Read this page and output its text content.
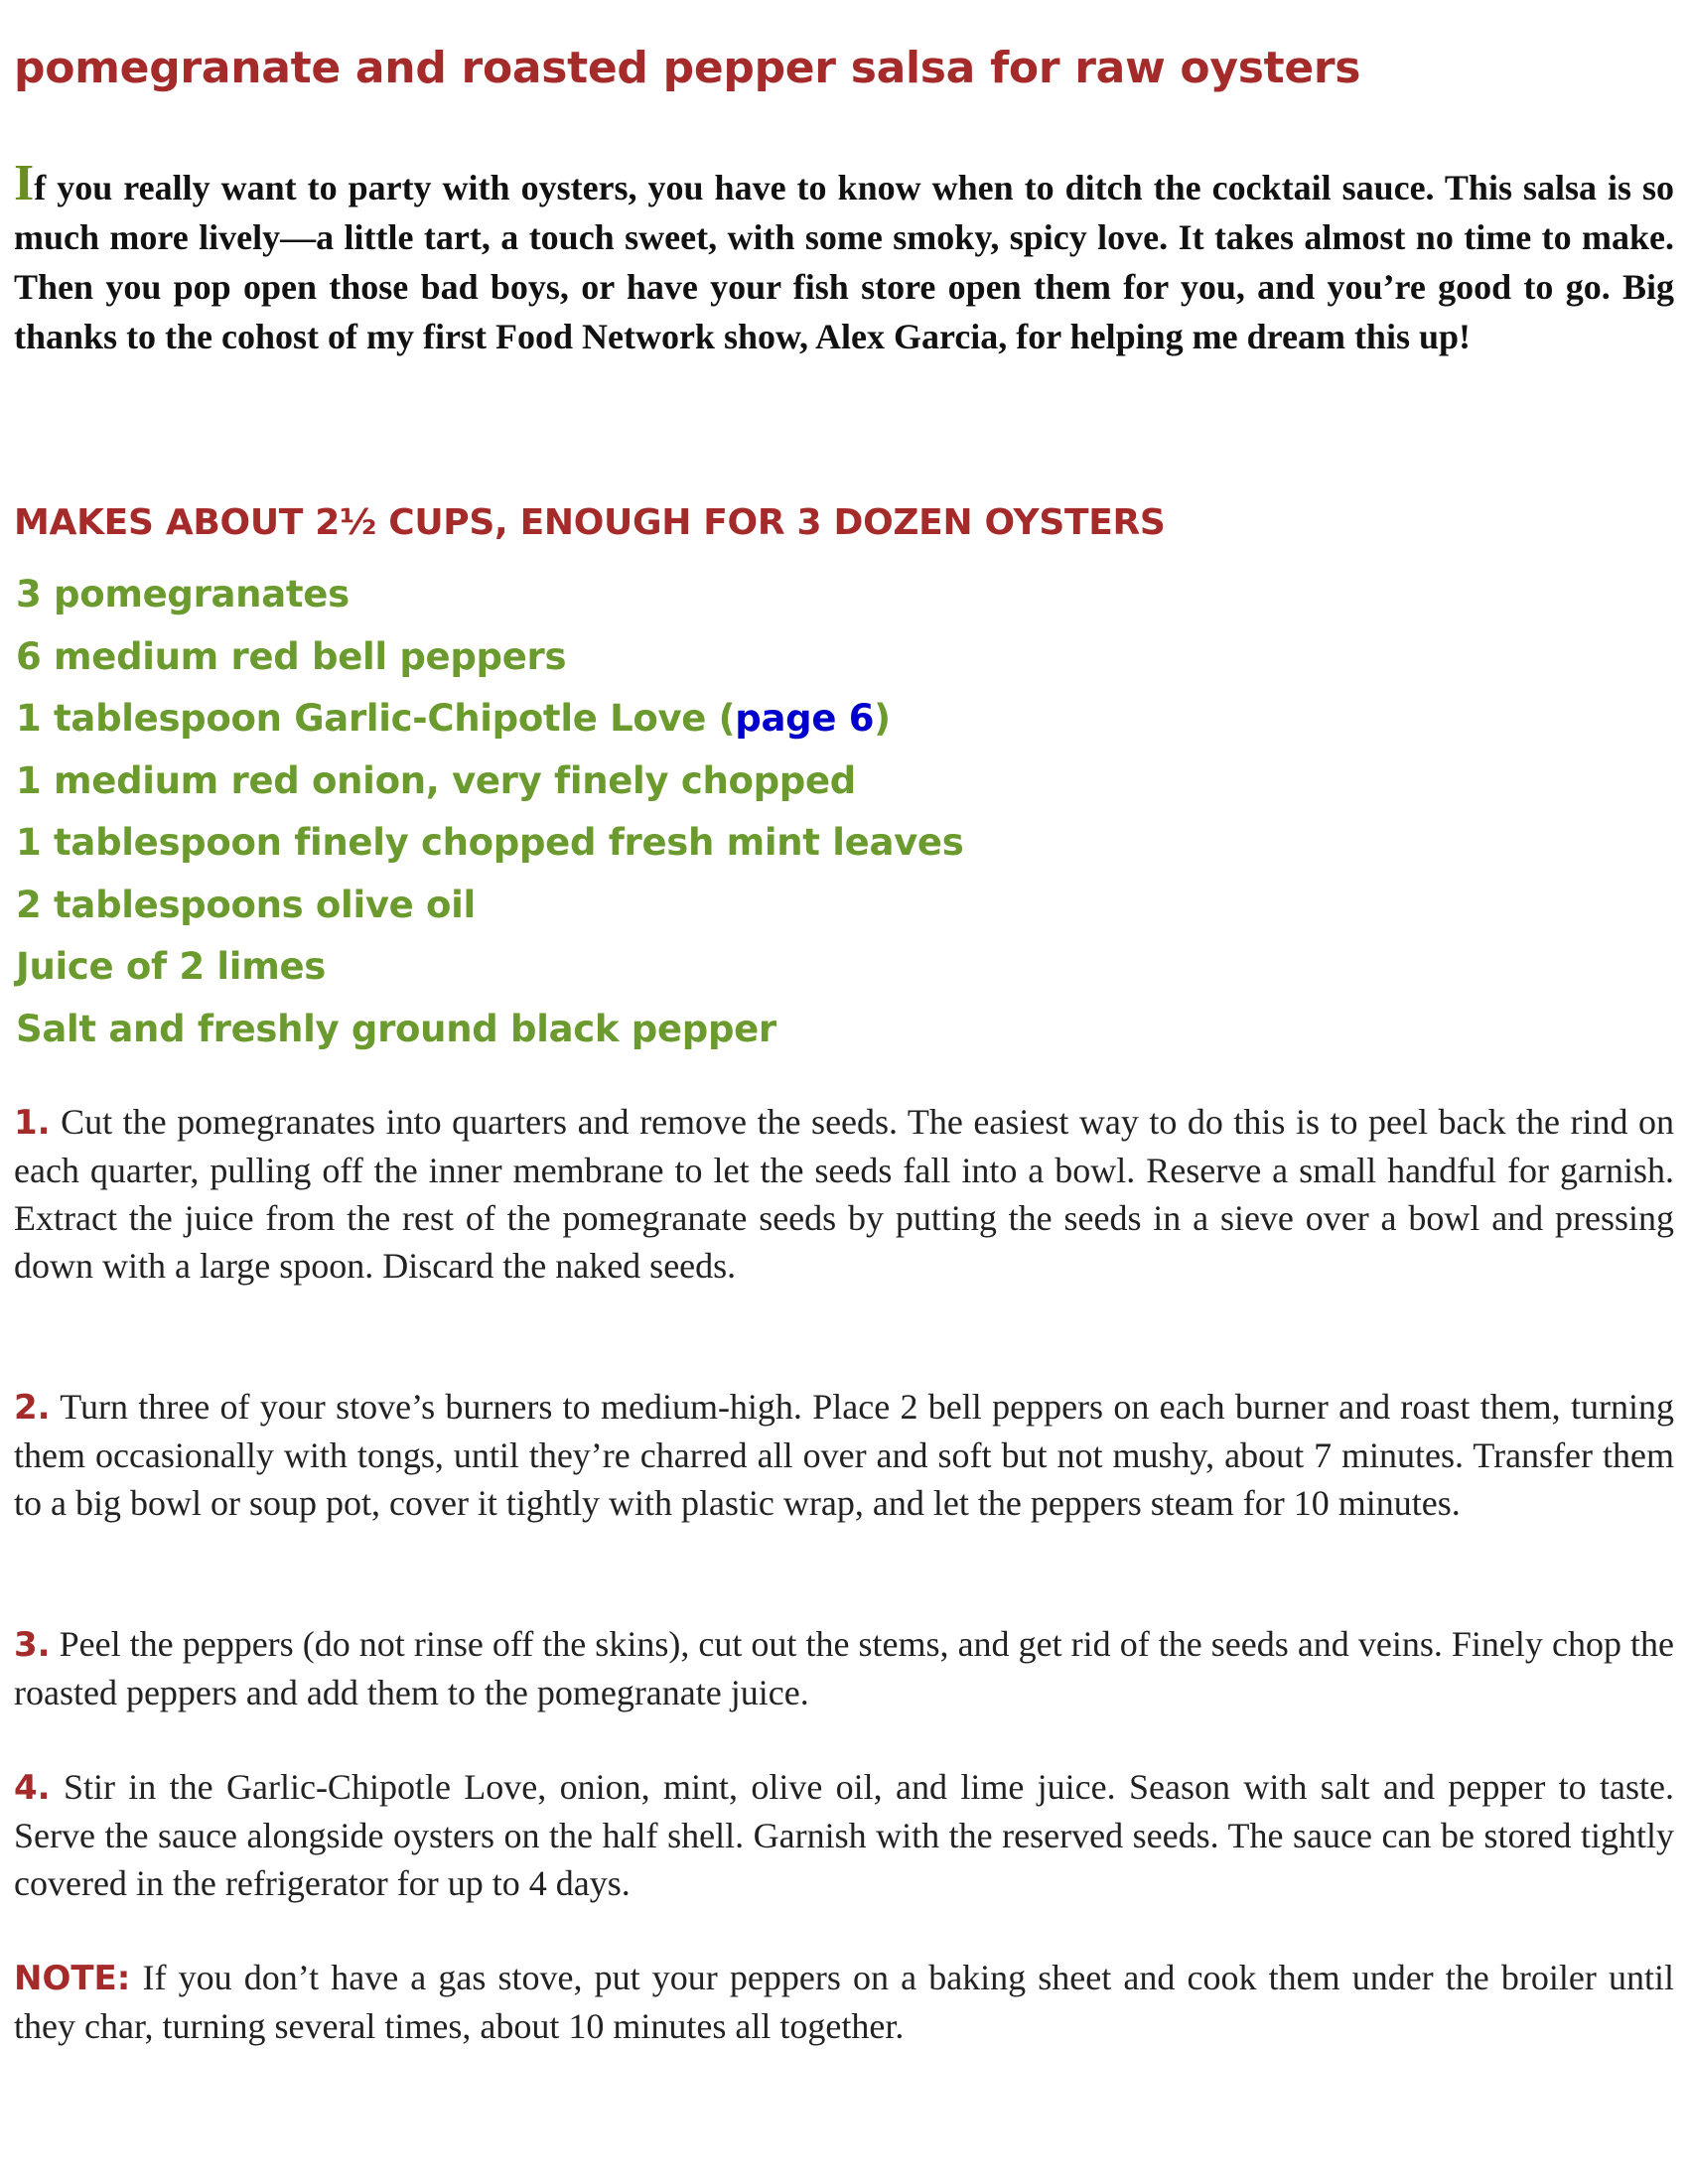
pomegranate and roasted pepper salsa for raw oysters

If you really want to party with oysters, you have to know when to ditch the cocktail sauce. This salsa is so much more lively—a little tart, a touch sweet, with some smoky, spicy love. It takes almost no time to make. Then you pop open those bad boys, or have your fish store open them for you, and you’re good to go. Big thanks to the cohost of my first Food Network show, Alex Garcia, for helping me dream this up!

MAKES ABOUT 2½ CUPS, ENOUGH FOR 3 DOZEN OYSTERS
3 pomegranates
6 medium red bell peppers
1 tablespoon Garlic-Chipotle Love (page 6)
1 medium red onion, very finely chopped
1 tablespoon finely chopped fresh mint leaves
2 tablespoons olive oil
Juice of 2 limes
Salt and freshly ground black pepper

1. Cut the pomegranates into quarters and remove the seeds. The easiest way to do this is to peel back the rind on each quarter, pulling off the inner membrane to let the seeds fall into a bowl. Reserve a small handful for garnish. Extract the juice from the rest of the pomegranate seeds by putting the seeds in a sieve over a bowl and pressing down with a large spoon. Discard the naked seeds.

2. Turn three of your stove’s burners to medium-high. Place 2 bell peppers on each burner and roast them, turning them occasionally with tongs, until they’re charred all over and soft but not mushy, about 7 minutes. Transfer them to a big bowl or soup pot, cover it tightly with plastic wrap, and let the peppers steam for 10 minutes.

3. Peel the peppers (do not rinse off the skins), cut out the stems, and get rid of the seeds and veins. Finely chop the roasted peppers and add them to the pomegranate juice.

4. Stir in the Garlic-Chipotle Love, onion, mint, olive oil, and lime juice. Season with salt and pepper to taste. Serve the sauce alongside oysters on the half shell. Garnish with the reserved seeds. The sauce can be stored tightly covered in the refrigerator for up to 4 days.

NOTE: If you don’t have a gas stove, put your peppers on a baking sheet and cook them under the broiler until they char, turning several times, about 10 minutes all together.
